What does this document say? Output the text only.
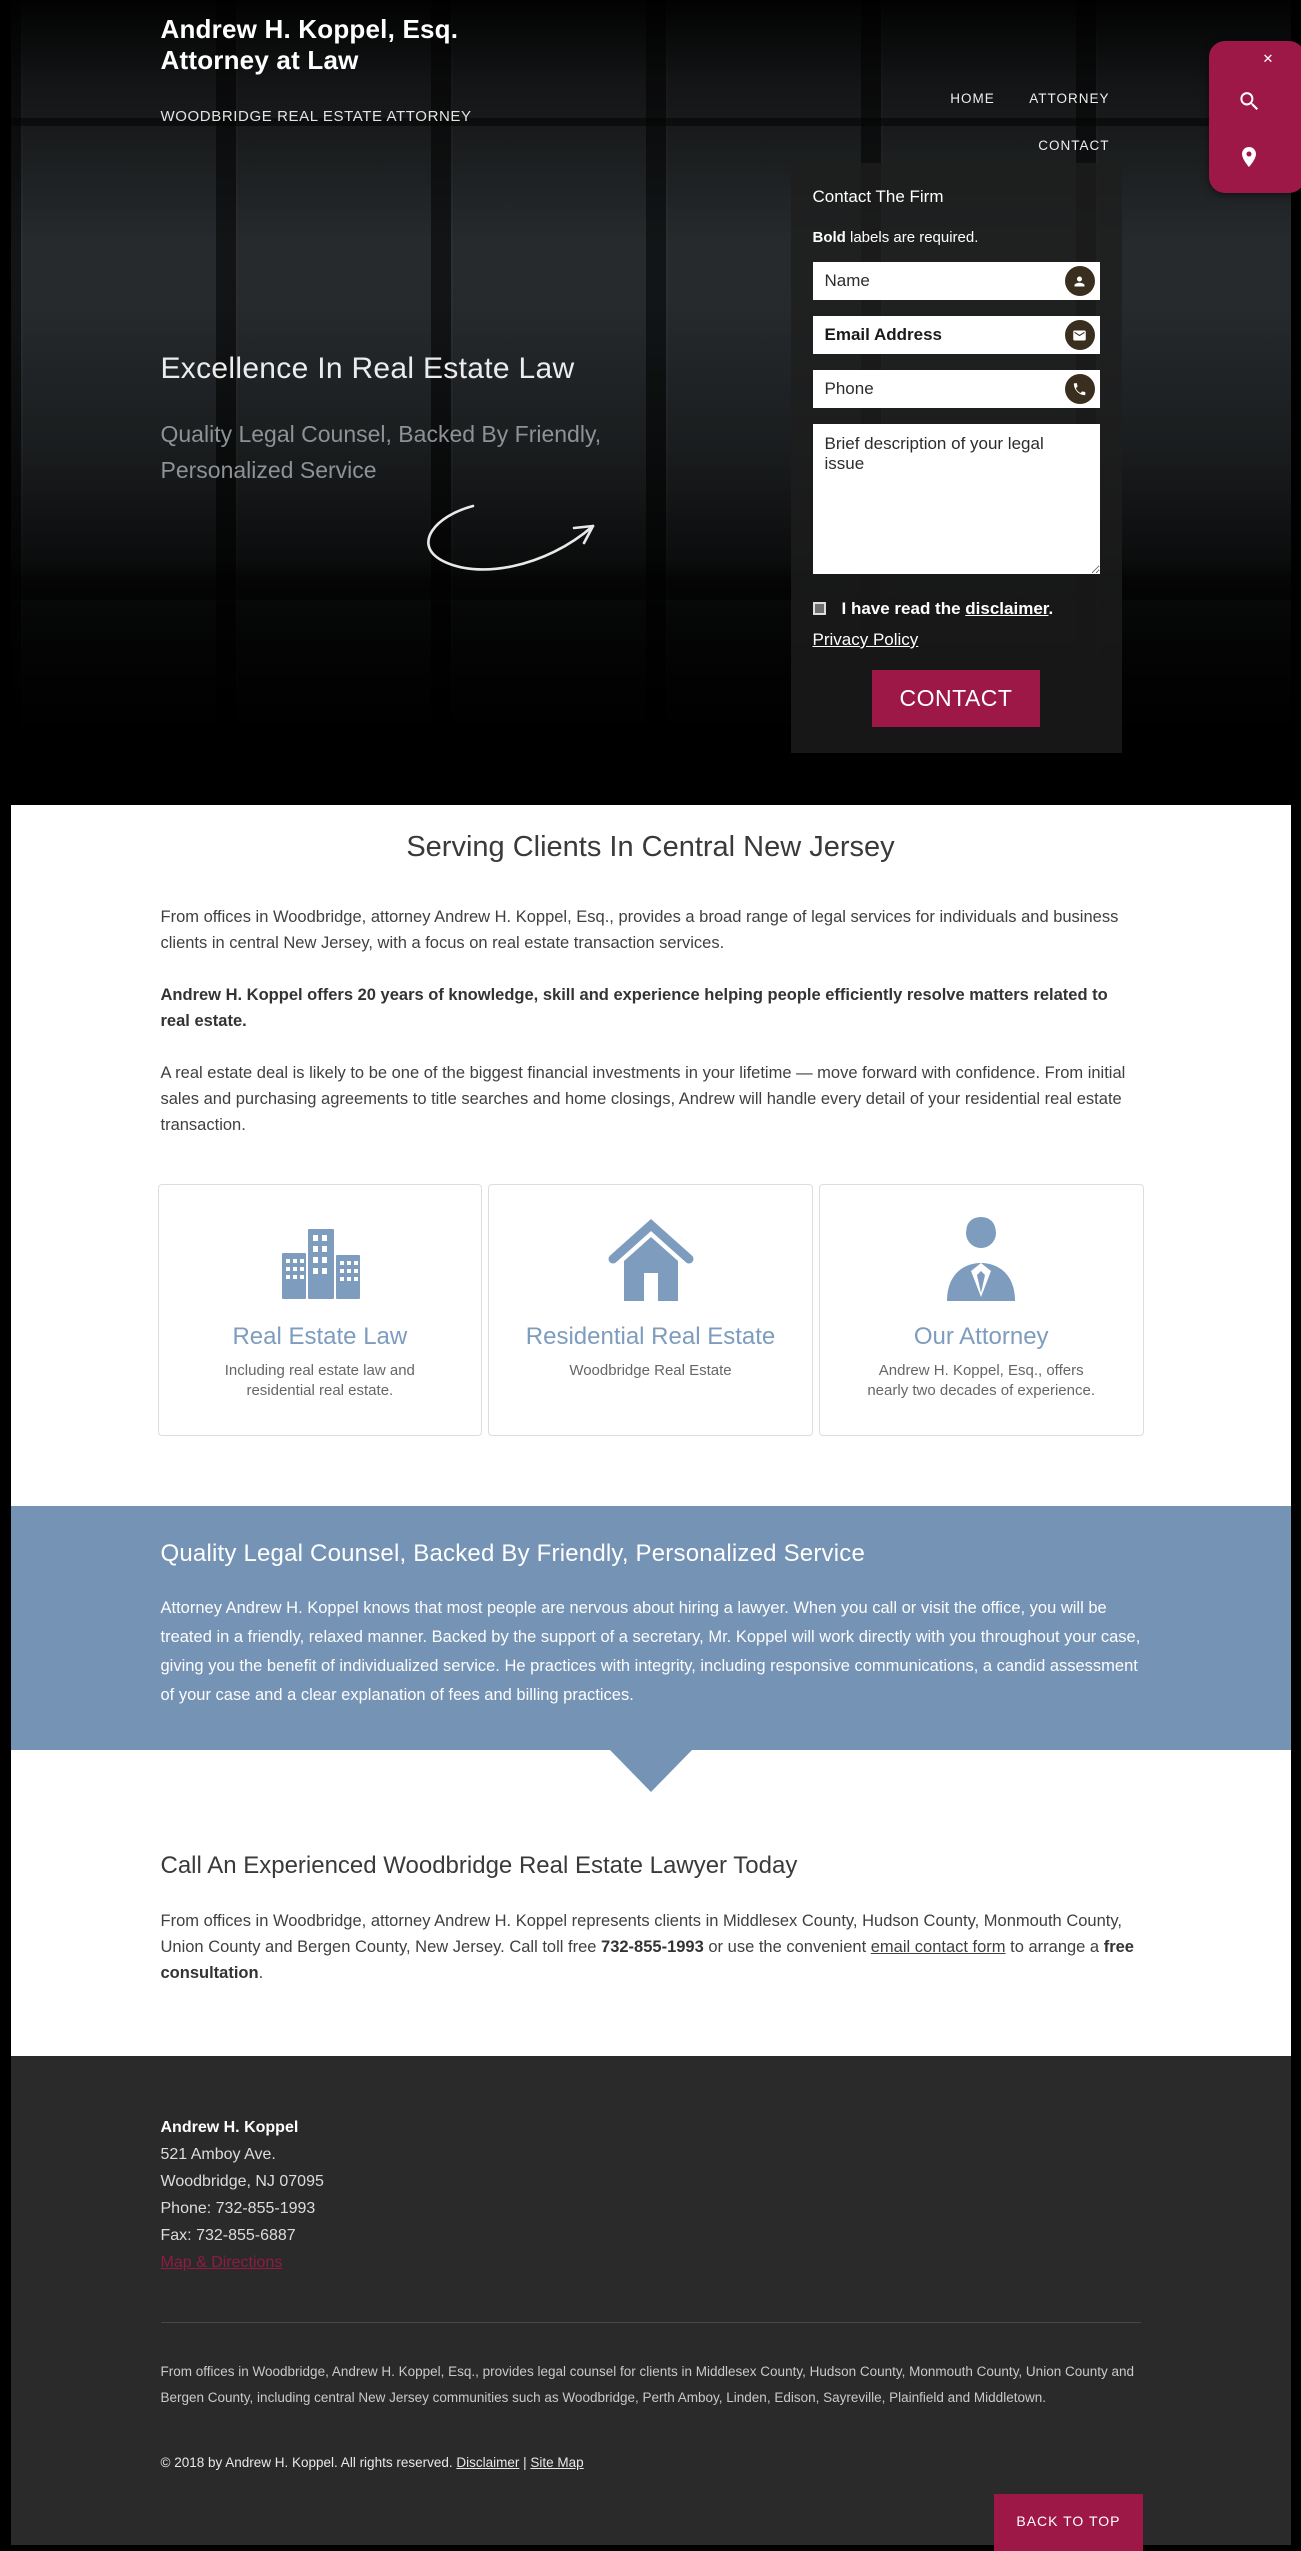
Andrew H. Koppel, Esq.
Attorney at Law
WOODBRIDGE REAL ESTATE ATTORNEY
HOME	ATTORNEY
CONTACT
✕
Excellence In Real Estate Law
Quality Legal Counsel, Backed By Friendly, Personalized Service
Contact The Firm
Bold labels are required.
Name
Email Address
Phone
Brief description of your legal issue
I have read the disclaimer.
Privacy Policy
CONTACT
Serving Clients In Central New Jersey

From offices in Woodbridge, attorney Andrew H. Koppel, Esq., provides a broad range of legal services for individuals and business clients in central New Jersey, with a focus on real estate transaction services.

Andrew H. Koppel offers 20 years of knowledge, skill and experience helping people efficiently resolve matters related to real estate.

A real estate deal is likely to be one of the biggest financial investments in your lifetime — move forward with confidence. From initial sales and purchasing agreements to title searches and home closings, Andrew will handle every detail of your residential real estate transaction.

Real Estate Law

Including real estate law and residential real estate.

Residential Real Estate

Woodbridge Real Estate

Our Attorney

Andrew H. Koppel, Esq., offers nearly two decades of experience.

Quality Legal Counsel, Backed By Friendly, Personalized Service

Attorney Andrew H. Koppel knows that most people are nervous about hiring a lawyer. When you call or visit the office, you will be treated in a friendly, relaxed manner. Backed by the support of a secretary, Mr. Koppel will work directly with you throughout your case, giving you the benefit of individualized service. He practices with integrity, including responsive communications, a candid assessment of your case and a clear explanation of fees and billing practices.

Call An Experienced Woodbridge Real Estate Lawyer Today

From offices in Woodbridge, attorney Andrew H. Koppel represents clients in Middlesex County, Hudson County, Monmouth County, Union County and Bergen County, New Jersey. Call toll free 732-855-1993 or use the convenient email contact form to arrange a free consultation.

Andrew H. Koppel
521 Amboy Ave.
Woodbridge, NJ 07095
Phone: 732-855-1993
Fax: 732-855-6887
Map & Directions

From offices in Woodbridge, Andrew H. Koppel, Esq., provides legal counsel for clients in Middlesex County, Hudson County, Monmouth County, Union County and Bergen County, including central New Jersey communities such as Woodbridge, Perth Amboy, Linden, Edison, Sayreville, Plainfield and Middletown.

© 2018 by Andrew H. Koppel. All rights reserved. Disclaimer | Site Map
BACK TO TOP
